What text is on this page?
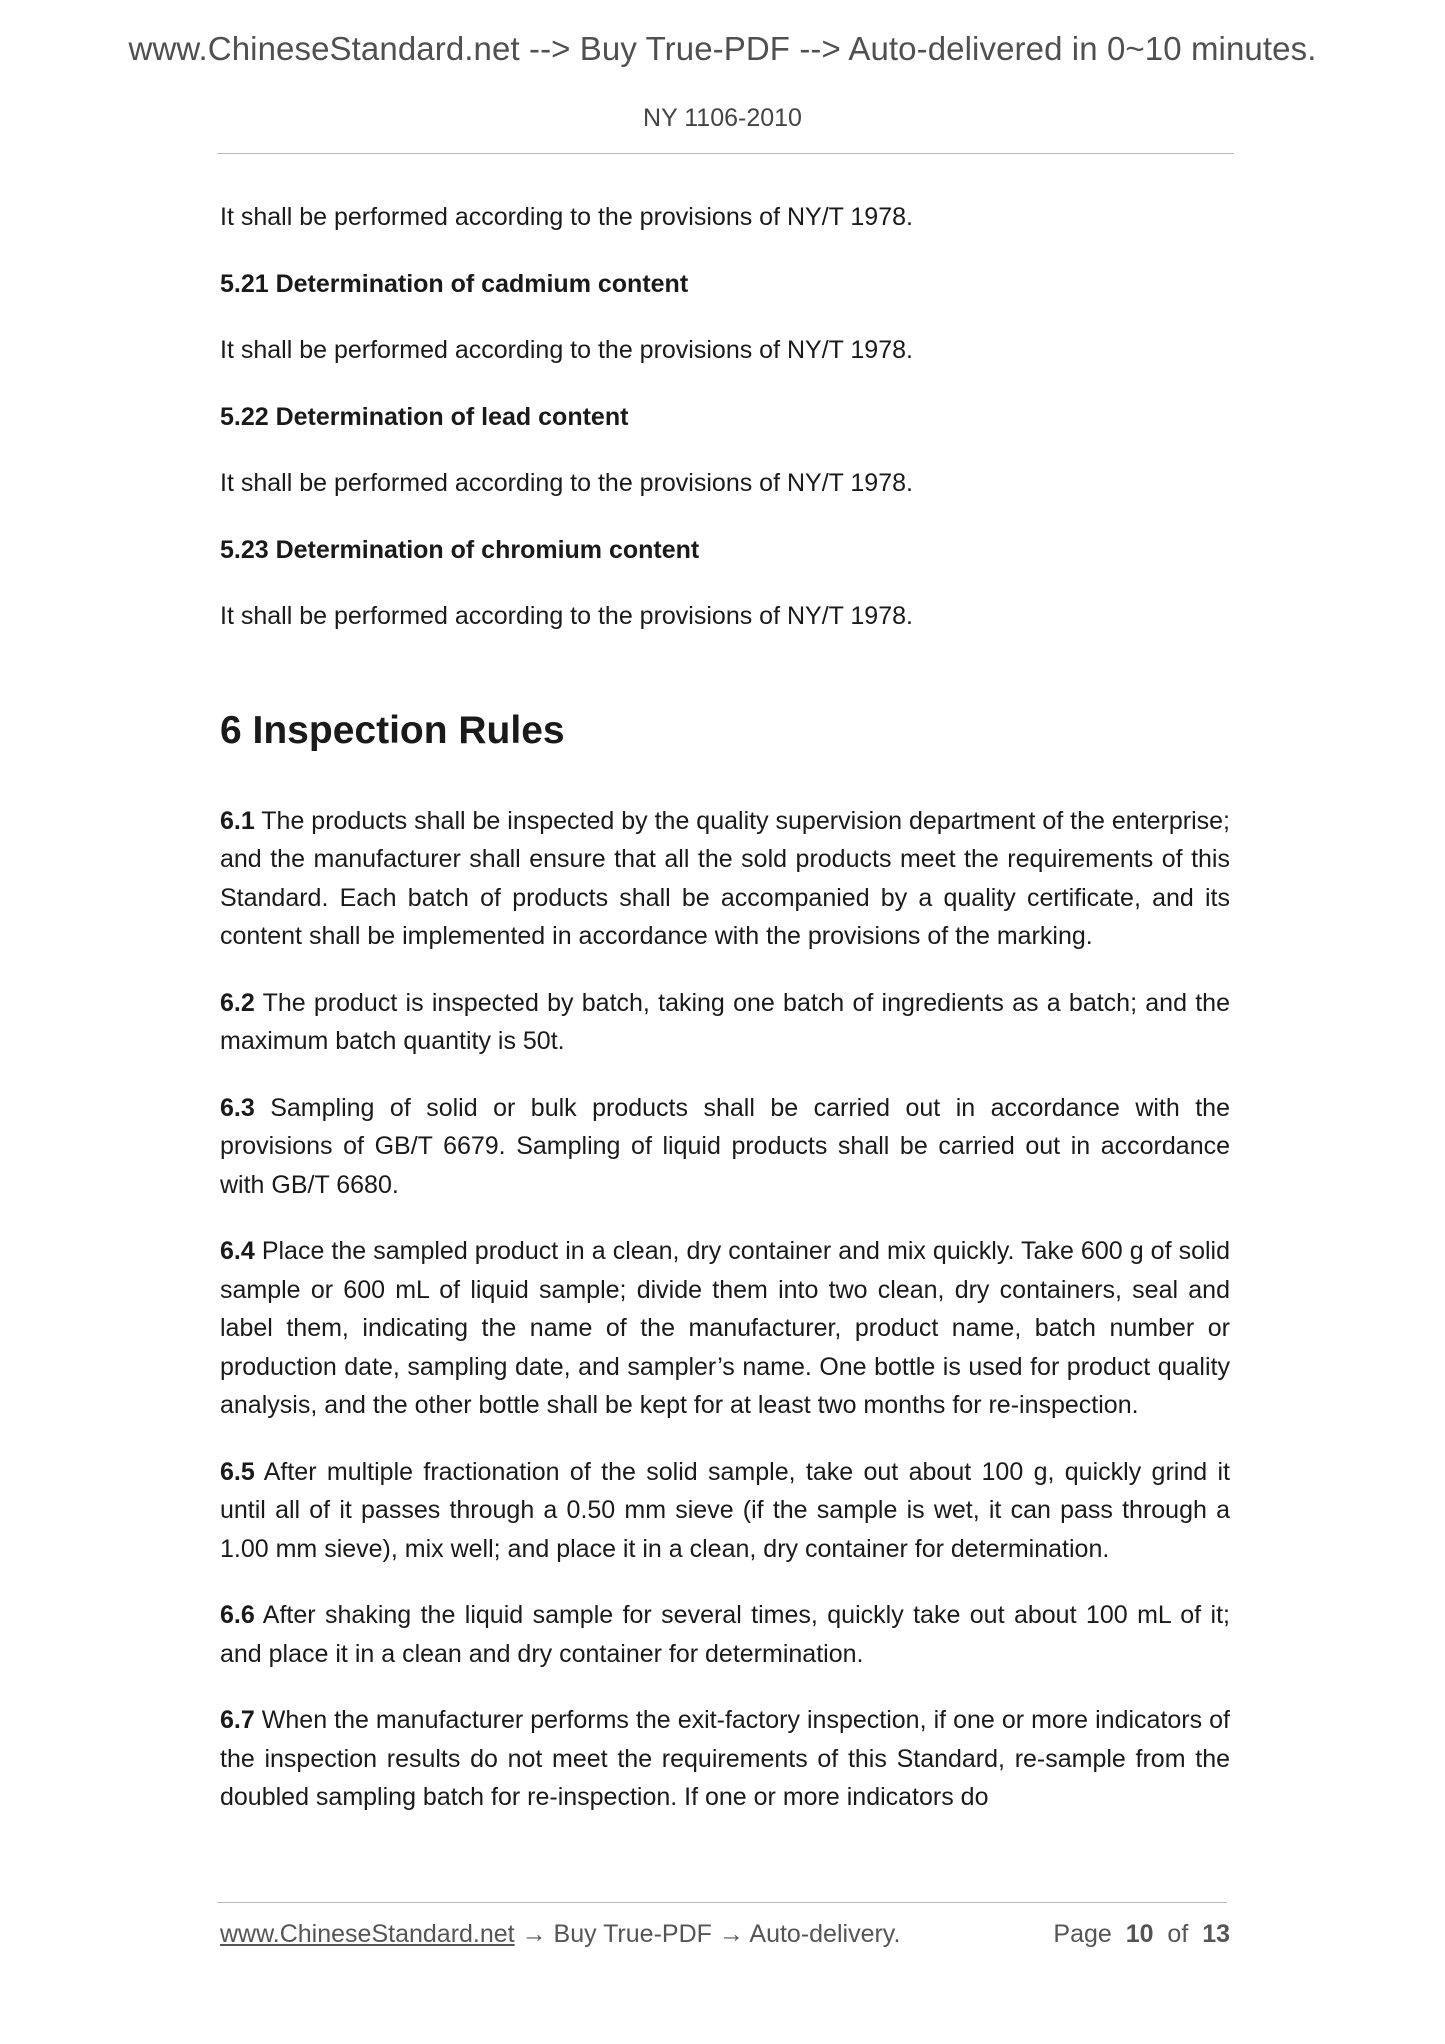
www.ChineseStandard.net --> Buy True-PDF --> Auto-delivered in 0~10 minutes.
NY 1106-2010

It shall be performed according to the provisions of NY/T 1978.

5.21 Determination of cadmium content

It shall be performed according to the provisions of NY/T 1978.

5.22 Determination of lead content

It shall be performed according to the provisions of NY/T 1978.

5.23 Determination of chromium content

It shall be performed according to the provisions of NY/T 1978.

6 Inspection Rules

6.1 The products shall be inspected by the quality supervision department of the enterprise; and the manufacturer shall ensure that all the sold products meet the requirements of this Standard. Each batch of products shall be accompanied by a quality certificate, and its content shall be implemented in accordance with the provisions of the marking.

6.2 The product is inspected by batch, taking one batch of ingredients as a batch; and the maximum batch quantity is 50t.

6.3 Sampling of solid or bulk products shall be carried out in accordance with the provisions of GB/T 6679. Sampling of liquid products shall be carried out in accordance with GB/T 6680.

6.4 Place the sampled product in a clean, dry container and mix quickly. Take 600 g of solid sample or 600 mL of liquid sample; divide them into two clean, dry containers, seal and label them, indicating the name of the manufacturer, product name, batch number or production date, sampling date, and sampler’s name. One bottle is used for product quality analysis, and the other bottle shall be kept for at least two months for re-inspection.

6.5 After multiple fractionation of the solid sample, take out about 100 g, quickly grind it until all of it passes through a 0.50 mm sieve (if the sample is wet, it can pass through a 1.00 mm sieve), mix well; and place it in a clean, dry container for determination.

6.6 After shaking the liquid sample for several times, quickly take out about 100 mL of it; and place it in a clean and dry container for determination.

6.7 When the manufacturer performs the exit-factory inspection, if one or more indicators of the inspection results do not meet the requirements of this Standard, re-sample from the doubled sampling batch for re-inspection. If one or more indicators do

www.ChineseStandard.net → Buy True-PDF → Auto-delivery.	Page 10 of 13
